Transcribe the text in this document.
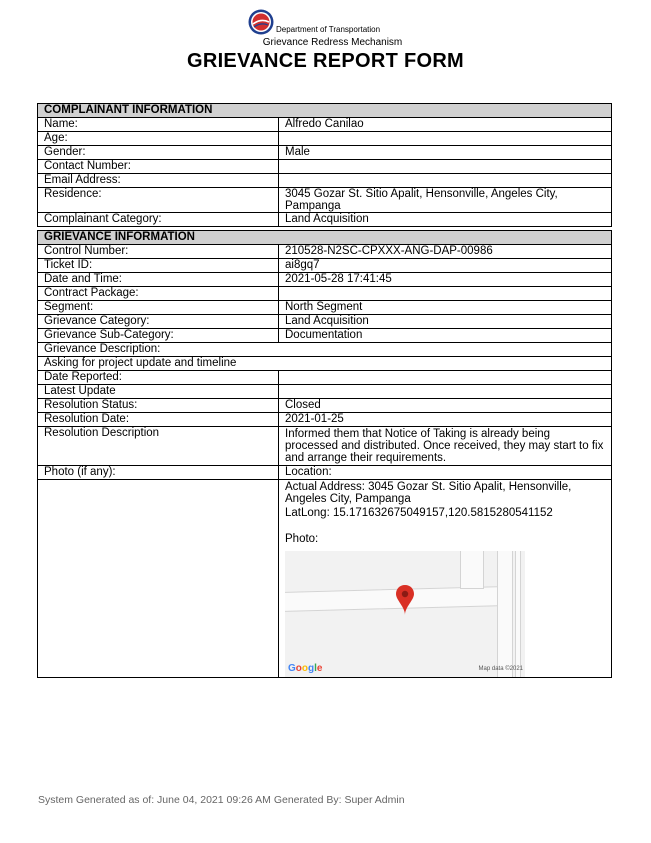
Department of Transportation
Grievance Redress Mechanism
GRIEVANCE REPORT FORM
COMPLAINANT INFORMATION	
Name:	Alfredo Canilao
Age:	
Gender:	Male
Contact Number:	
Email Address:	
Residence:	3045 Gozar St. Sitio Apalit, Hensonville, Angeles City, Pampanga
Complainant Category:	Land Acquisition

GRIEVANCE INFORMATION	
Control Number:	210528-N2SC-CPXXX-ANG-DAP-00986
Ticket ID:	ai8gq7
Date and Time:	2021-05-28 17:41:45
Contract Package:	
Segment:	North Segment
Grievance Category:	Land Acquisition
Grievance Sub-Category:	Documentation
Grievance Description:	
Asking for project update and timeline	
Date Reported:	
Latest Update	
Resolution Status:	Closed
Resolution Date:	2021-01-25
Resolution Description	Informed them that Notice of Taking is already being processed and distributed. Once received, they may start to fix and arrange their requirements.
Photo (if any):	Location:

	Actual Address: 3045 Gozar St. Sitio Apalit, Hensonville, Angeles City, Pampanga
LatLong: 15.171632675049157,120.5815280541152
Photo:
Google Map data ©2021
System Generated as of: June 04, 2021 09:26 AM Generated By: Super Admin
